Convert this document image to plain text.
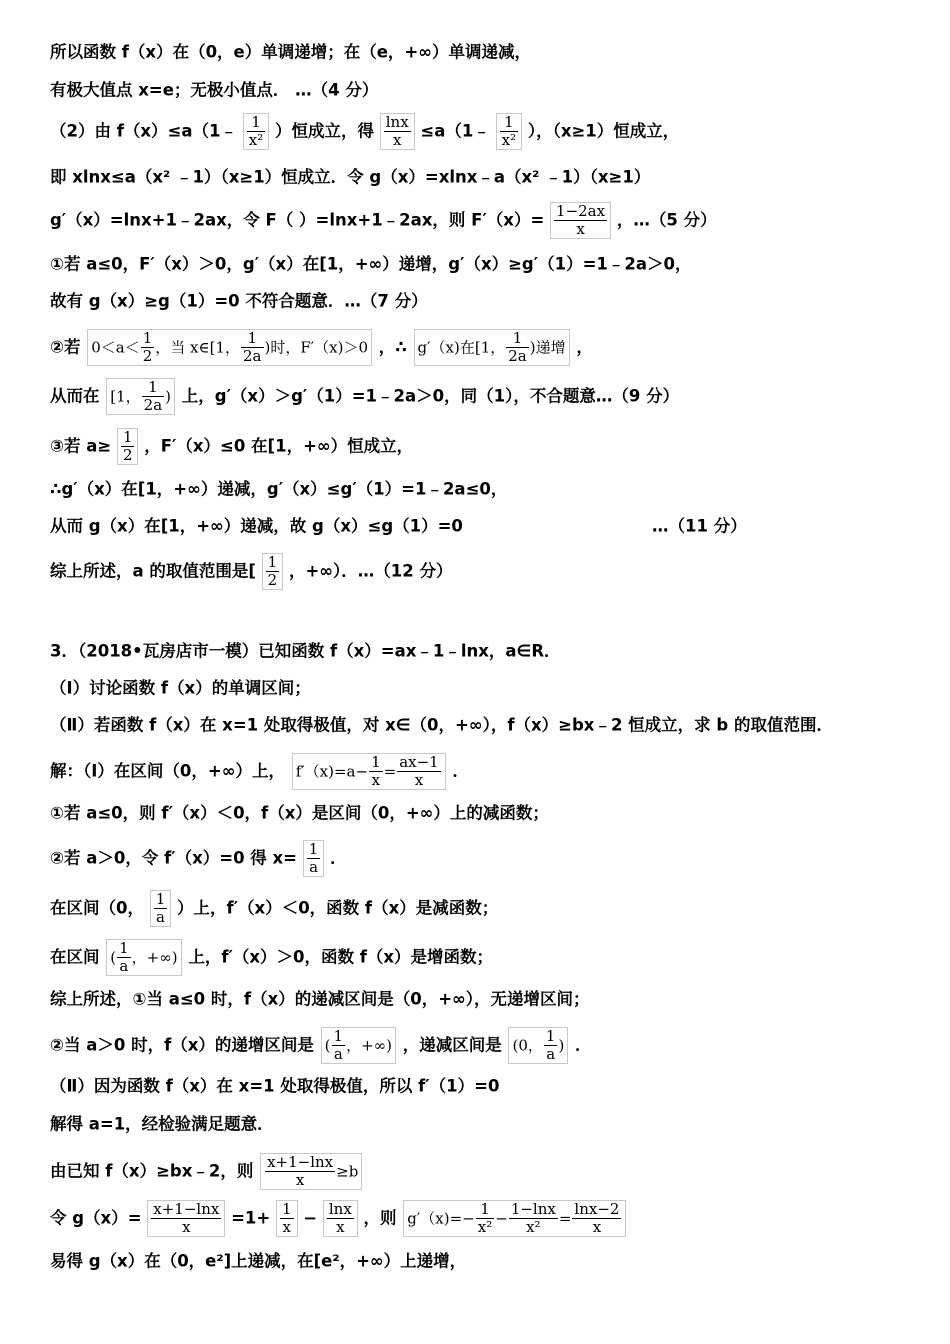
所以函数 f（x）在（0，e）单调递增；在（e，+∞）单调递减，
有极大值点 x=e；无极小值点． …（4 分）
（2）由 f（x）≤a（1﹣ $\frac{1}{\text{x²}}$ ）恒成立，得 $\frac{\ln x}{x}$ ≤a（1﹣ $\frac{1}{\text{x²}}$ ），（x≥1）恒成立，
即 xlnx≤a（x² ﹣1）（x≥1）恒成立．令 g（x）=xlnx﹣a（x² ﹣1）（x≥1）
g′（x）=lnx+1﹣2ax，令 F（ ）=lnx+1﹣2ax，则 $F'(x)= \frac{1-2ax}{x}$ ，…（5 分）
①若 a≤0，F′（x）＞0，g′（x）在[1，+∞）递增，g′（x）≥g′（1）=1﹣2a＞0，
故有 g（x）≥g（1）=0 不符合题意．…（7 分）
②若 $0<a< \frac{1}{2}$ ，当 x∈[1， $\frac{1}{2a}$ )时，F′（x)＞0 ，∴ g′（x)在[1， $\frac{1}{2a}$ )递增 ，
从而在 [1， $\frac{1}{2a}$ ) 上，g′（x）＞g′（1）=1﹣2a＞0，同（1），不合题意…（9 分）
③若 $a\ge \frac{1}{2}$ ，F′（x）≤0 在[1，+∞）恒成立，
∴g′（x）在[1，+∞）递减，g′（x）≤g′（1）=1﹣2a≤0，
从而 g（x）在[1，+∞）递减，故 g（x）≤g（1）=0	…（11 分）
综上所述，a 的取值范围是[ $\frac{1}{2}$ ，+∞）．…（12 分）
3．（2018•瓦房店市一模）已知函数 f（x）=ax﹣1﹣lnx，a∈R．
（Ⅰ）讨论函数 f（x）的单调区间；
（Ⅱ）若函数 f（x）在 x=1 处取得极值，对 x∈（0，+∞），f（x）≥bx﹣2 恒成立，求 b 的取值范围．
解：（Ⅰ）在区间（0，+∞）上， $f'(x)=a- \frac{1}{x} = \frac{ax-1}{x}$ ．
①若 a≤0，则 f′（x）＜0，f（x）是区间（0，+∞）上的减函数；
②若 a＞0，令 f′（x）=0 得 $x= \frac{1}{a}$ ．
在区间（0， $\frac{1}{a}$ ）上，f′（x）＜0，函数 f（x）是减函数；
在区间 ( $\frac{1}{a}$ ，+∞) 上，f′（x）＞0，函数 f（x）是增函数；
综上所述，①当 a≤0 时，f（x）的递减区间是（0，+∞），无递增区间；
②当 a＞0 时，f（x）的递增区间是 ( $\frac{1}{a}$ ，+∞) ，递减区间是 (0， $\frac{1}{a}$ ) ．
（Ⅱ）因为函数 f（x）在 x=1 处取得极值，所以 f′（1）=0
解得 a=1，经检验满足题意．
由已知 f（x）≥bx﹣2，则 $\frac{x+1-\ln x}{x} \ge b$
令 $g(x)= \frac{x+1-\ln x}{x} =1+ \frac{1}{x} - \frac{\ln x}{x}$ ，则 $g'(x)=- \frac{1}{\text{x²}} - \frac{1-\ln x}{\text{x²}} = \frac{\ln x-2}{x}$
易得 g（x）在（0，e²]上递减，在[e²，+∞）上递增，
